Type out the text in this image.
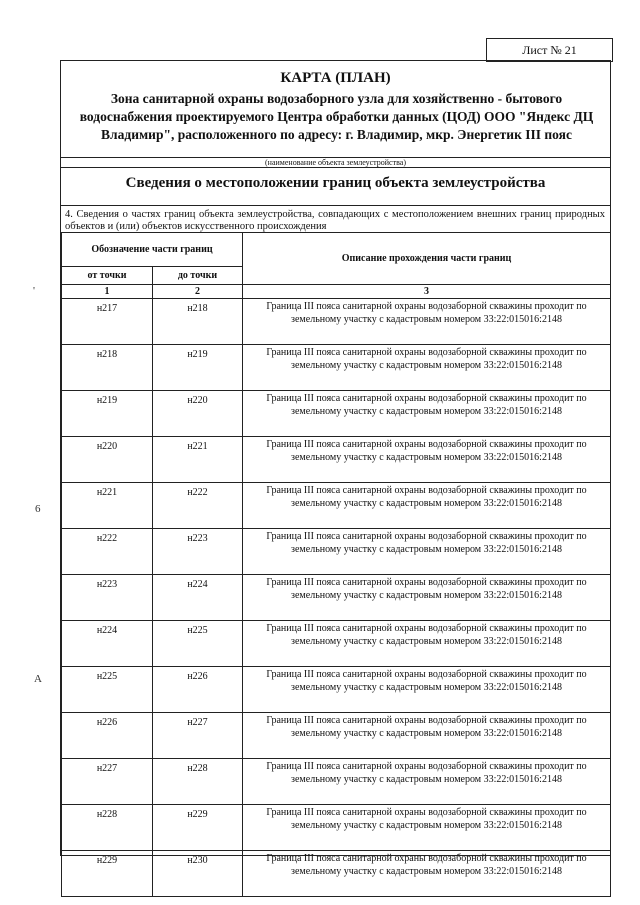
Лист № 21
КАРТА (ПЛАН)
Зона санитарной охраны водозаборного узла для хозяйственно - бытового водоснабжения проектируемого Центра обработки данных (ЦОД) ООО "Яндекс ДЦ Владимир", расположенного по адресу: г. Владимир, мкр. Энергетик III пояс
(наименование объекта землеустройства)
Сведения о местоположении границ объекта землеустройства
4. Сведения о частях границ объекта землеустройства, совпадающих с местоположением внешних границ природных объектов и (или) объектов искусственного происхождения
Обозначение части границ		Описание прохождения части границ
от точки	до точки	
1	2	3
н217	н218	Граница III пояса санитарной охраны водозаборной скважины проходит по земельному участку с кадастровым номером 33:22:015016:2148
н218	н219	Граница III пояса санитарной охраны водозаборной скважины проходит по земельному участку с кадастровым номером 33:22:015016:2148
н219	н220	Граница III пояса санитарной охраны водозаборной скважины проходит по земельному участку с кадастровым номером 33:22:015016:2148
н220	н221	Граница III пояса санитарной охраны водозаборной скважины проходит по земельному участку с кадастровым номером 33:22:015016:2148
н221	н222	Граница III пояса санитарной охраны водозаборной скважины проходит по земельному участку с кадастровым номером 33:22:015016:2148
н222	н223	Граница III пояса санитарной охраны водозаборной скважины проходит по земельному участку с кадастровым номером 33:22:015016:2148
н223	н224	Граница III пояса санитарной охраны водозаборной скважины проходит по земельному участку с кадастровым номером 33:22:015016:2148
н224	н225	Граница III пояса санитарной охраны водозаборной скважины проходит по земельному участку с кадастровым номером 33:22:015016:2148
н225	н226	Граница III пояса санитарной охраны водозаборной скважины проходит по земельному участку с кадастровым номером 33:22:015016:2148
н226	н227	Граница III пояса санитарной охраны водозаборной скважины проходит по земельному участку с кадастровым номером 33:22:015016:2148
н227	н228	Граница III пояса санитарной охраны водозаборной скважины проходит по земельному участку с кадастровым номером 33:22:015016:2148
н228	н229	Граница III пояса санитарной охраны водозаборной скважины проходит по земельному участку с кадастровым номером 33:22:015016:2148
н229	н230	Граница III пояса санитарной охраны водозаборной скважины проходит по земельному участку с кадастровым номером 33:22:015016:2148
'
6
A
